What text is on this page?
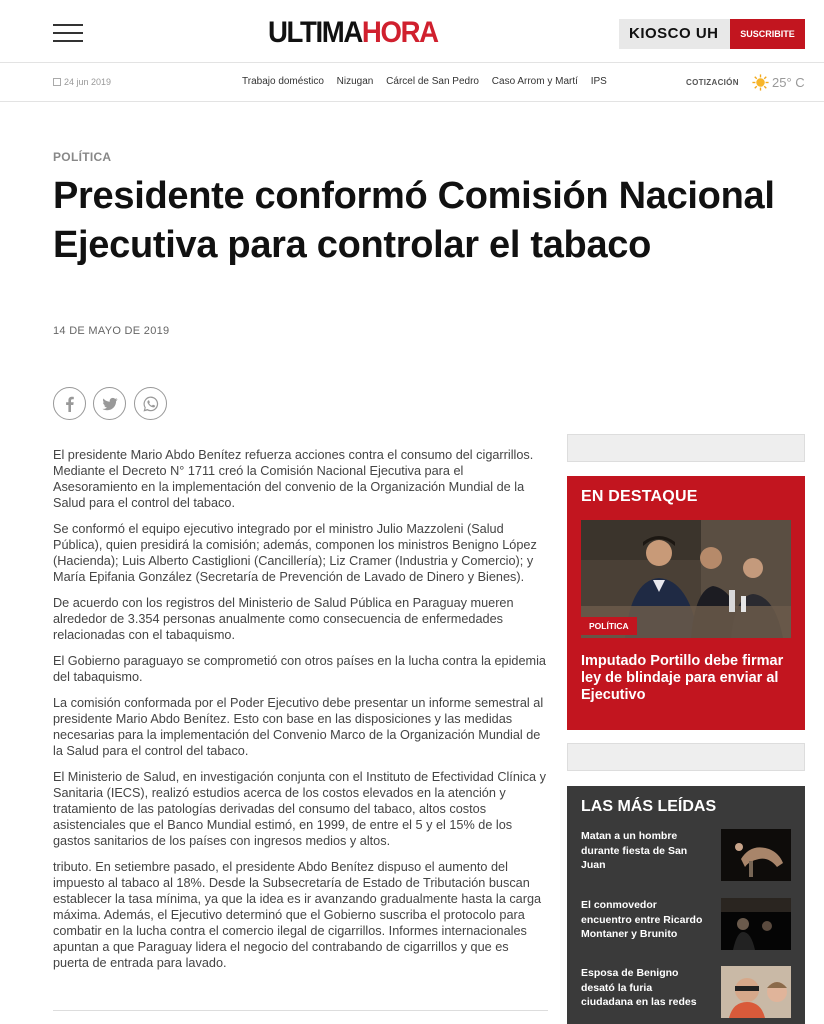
ULTIMAHORA	KIOSCO UH	SUSCRIBITE
24 jun 2019	Trabajo doméstico Nizugan Cárcel de San Pedro Caso Arrom y Martí IPS	COTIZACIÓN	25° C
POLÍTICA
Presidente conformó Comisión Nacional Ejecutiva para controlar el tabaco
14 DE MAYO DE 2019

El presidente Mario Abdo Benítez refuerza acciones contra el consumo del cigarrillos. Mediante el Decreto N° 1711 creó la Comisión Nacional Ejecutiva para el Asesoramiento en la implementación del convenio de la Organización Mundial de la Salud para el control del tabaco.

Se conformó el equipo ejecutivo integrado por el ministro Julio Mazzoleni (Salud Pública), quien presidirá la comisión; además, componen los ministros Benigno López (Hacienda); Luis Alberto Castiglioni (Cancillería); Liz Cramer (Industria y Comercio); y María Epifania González (Secretaría de Prevención de Lavado de Dinero y Bienes).

De acuerdo con los registros del Ministerio de Salud Pública en Paraguay mueren alrededor de 3.354 personas anualmente como consecuencia de enfermedades relacionadas con el tabaquismo.

El Gobierno paraguayo se comprometió con otros países en la lucha contra la epidemia del tabaquismo.

La comisión conformada por el Poder Ejecutivo debe presentar un informe semestral al presidente Mario Abdo Benítez. Esto con base en las disposiciones y las medidas necesarias para la implementación del Convenio Marco de la Organización Mundial de la Salud para el control del tabaco.

El Ministerio de Salud, en investigación conjunta con el Instituto de Efectividad Clínica y Sanitaria (IECS), realizó estudios acerca de los costos elevados en la atención y tratamiento de las patologías derivadas del consumo del tabaco, altos costos asistenciales que el Banco Mundial estimó, en 1999, de entre el 5 y el 15% de los gastos sanitarios de los países con ingresos medios y altos.

tributo. En setiembre pasado, el presidente Abdo Benítez dispuso el aumento del impuesto al tabaco al 18%. Desde la Subsecretaría de Estado de Tributación buscan establecer la tasa mínima, ya que la idea es ir avanzando gradualmente hasta la carga máxima. Además, el Ejecutivo determinó que el Gobierno suscriba el protocolo para combatir en la lucha contra el comercio ilegal de cigarrillos. Informes internacionales apuntan a que Paraguay lidera el negocio del contrabando de cigarrillos y que es puerta de entrada para lavado.

EN DESTAQUE
POLÍTICA
Imputado Portillo debe firmar ley de blindaje para enviar al Ejecutivo
LAS MÁS LEÍDAS
Matan a un hombre durante fiesta de San Juan
El conmovedor encuentro entre Ricardo Montaner y Brunito
Esposa de Benigno desató la furia ciudadana en las redes
